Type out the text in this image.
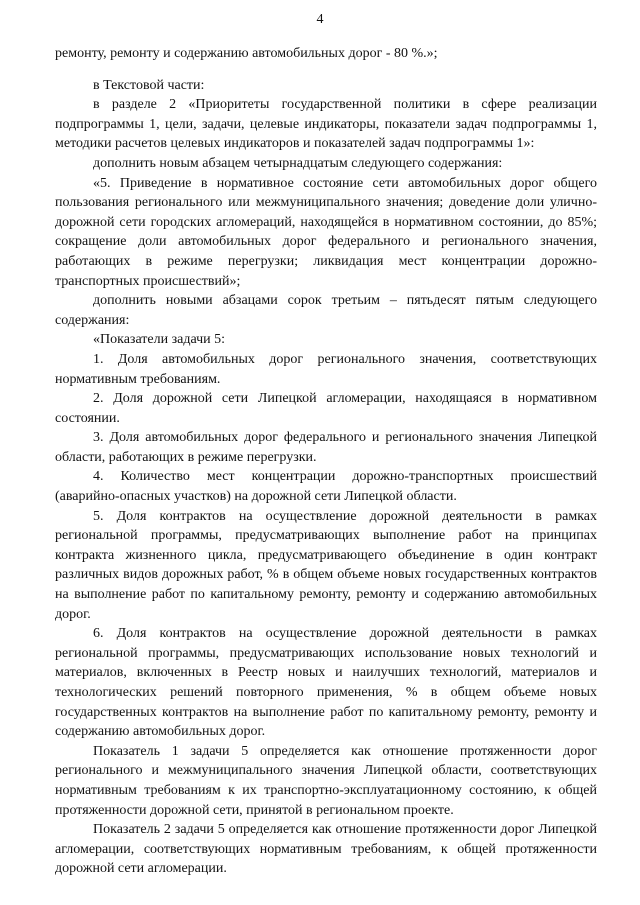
4

ремонту, ремонту и содержанию автомобильных дорог - 80 %.»;

в Текстовой части:

в разделе 2 «Приоритеты государственной политики в сфере реализации подпрограммы 1, цели, задачи, целевые индикаторы, показатели задач подпрограммы 1, методики расчетов целевых индикаторов и показателей задач подпрограммы 1»:

дополнить новым абзацем четырнадцатым следующего содержания:

«5. Приведение в нормативное состояние сети автомобильных дорог общего пользования регионального или межмуниципального значения; доведение доли улично-дорожной сети городских агломераций, находящейся в нормативном состоянии, до 85%; сокращение доли автомобильных дорог федерального и регионального значения, работающих в режиме перегрузки; ликвидация мест концентрации дорожно-транспортных происшествий»;

дополнить новыми абзацами сорок третьим – пятьдесят пятым следующего содержания:

«Показатели задачи 5:

1. Доля автомобильных дорог регионального значения, соответствующих нормативным требованиям.

2. Доля дорожной сети Липецкой агломерации, находящаяся в нормативном состоянии.

3. Доля автомобильных дорог федерального и регионального значения Липецкой области, работающих в режиме перегрузки.

4. Количество мест концентрации дорожно-транспортных происшествий (аварийно-опасных участков) на дорожной сети Липецкой области.

5. Доля контрактов на осуществление дорожной деятельности в рамках региональной программы, предусматривающих выполнение работ на принципах контракта жизненного цикла, предусматривающего объединение в один контракт различных видов дорожных работ, % в общем объеме новых государственных контрактов на выполнение работ по капитальному ремонту, ремонту и содержанию автомобильных дорог.

6. Доля контрактов на осуществление дорожной деятельности в рамках региональной программы, предусматривающих использование новых технологий и материалов, включенных в Реестр новых и наилучших технологий, материалов и технологических решений повторного применения, % в общем объеме новых государственных контрактов на выполнение работ по капитальному ремонту, ремонту и содержанию автомобильных дорог.

Показатель 1 задачи 5 определяется как отношение протяженности дорог регионального и межмуниципального значения Липецкой области, соответствующих нормативным требованиям к их транспортно-эксплуатационному состоянию, к общей протяженности дорожной сети, принятой в региональном проекте.

Показатель 2 задачи 5 определяется как отношение протяженности дорог Липецкой агломерации, соответствующих нормативным требованиям, к общей протяженности дорожной сети агломерации.
